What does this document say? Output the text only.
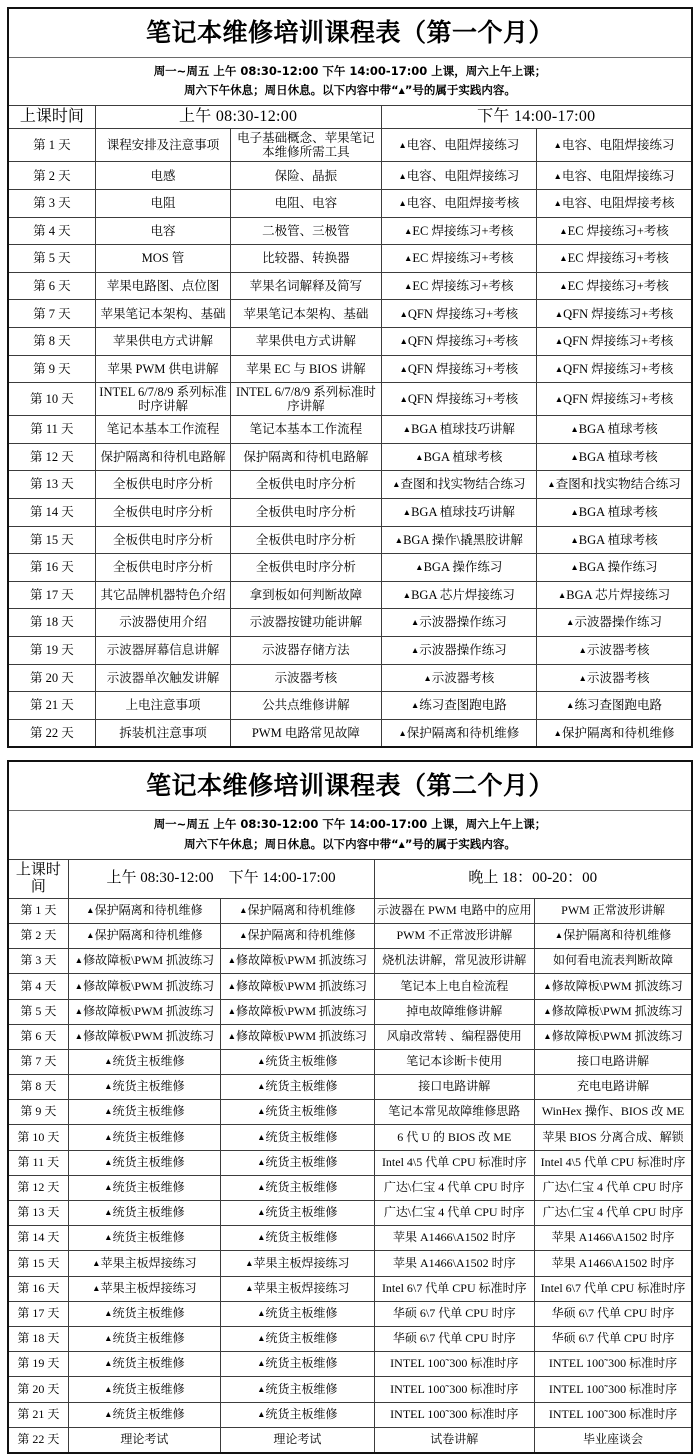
笔记本维修培训课程表（第一个月）				

周一~周五 上午 08:30-12:00 下午 14:00-17:00 上课，周六上午上课；
周六下午休息；周日休息。以下内容中带“▲”号的属于实践内容。				

上课时间	上午 08:30-12:00		下午 14:00-17:00	
第 1 天	课程安排及注意事项	电子基础概念、苹果笔记本维修所需工具	▲电容、电阻焊接练习	▲电容、电阻焊接练习
第 2 天	电感	保险、晶振	▲电容、电阻焊接练习	▲电容、电阻焊接练习
第 3 天	电阻	电阻、电容	▲电容、电阻焊接考核	▲电容、电阻焊接考核
第 4 天	电容	二极管、三极管	▲EC 焊接练习+考核	▲EC 焊接练习+考核
第 5 天	MOS 管	比较器、转换器	▲EC 焊接练习+考核	▲EC 焊接练习+考核
第 6 天	苹果电路图、点位图	苹果名词解释及简写	▲EC 焊接练习+考核	▲EC 焊接练习+考核
第 7 天	苹果笔记本架构、基础	苹果笔记本架构、基础	▲QFN 焊接练习+考核	▲QFN 焊接练习+考核
第 8 天	苹果供电方式讲解	苹果供电方式讲解	▲QFN 焊接练习+考核	▲QFN 焊接练习+考核
第 9 天	苹果 PWM 供电讲解	苹果 EC 与 BIOS 讲解	▲QFN 焊接练习+考核	▲QFN 焊接练习+考核
第 10 天	INTEL 6/7/8/9 系列标准时序讲解	INTEL 6/7/8/9 系列标准时序讲解	▲QFN 焊接练习+考核	▲QFN 焊接练习+考核
第 11 天	笔记本基本工作流程	笔记本基本工作流程	▲BGA 植球技巧讲解	▲BGA 植球考核
第 12 天	保护隔离和待机电路解	保护隔离和待机电路解	▲BGA 植球考核	▲BGA 植球考核
第 13 天	全板供电时序分析	全板供电时序分析	▲查图和找实物结合练习	▲查图和找实物结合练习
第 14 天	全板供电时序分析	全板供电时序分析	▲BGA 植球技巧讲解	▲BGA 植球考核
第 15 天	全板供电时序分析	全板供电时序分析	▲BGA 操作\撬黑胶讲解	▲BGA 植球考核
第 16 天	全板供电时序分析	全板供电时序分析	▲BGA 操作练习	▲BGA 操作练习
第 17 天	其它品牌机器特色介绍	拿到板如何判断故障	▲BGA 芯片焊接练习	▲BGA 芯片焊接练习
第 18 天	示波器使用介绍	示波器按键功能讲解	▲示波器操作练习	▲示波器操作练习
第 19 天	示波器屏幕信息讲解	示波器存储方法	▲示波器操作练习	▲示波器考核
第 20 天	示波器单次触发讲解	示波器考核	▲示波器考核	▲示波器考核
第 21 天	上电注意事项	公共点维修讲解	▲练习查图跑电路	▲练习查图跑电路
第 22 天	拆装机注意事项	PWM 电路常见故障	▲保护隔离和待机维修	▲保护隔离和待机维修
笔记本维修培训课程表（第二个月）				

周一~周五 上午 08:30-12:00 下午 14:00-17:00 上课，周六上午上课；
周六下午休息；周日休息。以下内容中带“▲”号的属于实践内容。				

上课时间	上午 08:30-12:00　下午 14:00-17:00		晚上 18：00-20：00	
第 1 天	▲保护隔离和待机维修	▲保护隔离和待机维修	示波器在 PWM 电路中的应用	PWM 正常波形讲解
第 2 天	▲保护隔离和待机维修	▲保护隔离和待机维修	PWM 不正常波形讲解	▲保护隔离和待机维修
第 3 天	▲修故障板\PWM 抓波练习	▲修故障板\PWM 抓波练习	烧机法讲解，常见波形讲解	如何看电流表判断故障
第 4 天	▲修故障板\PWM 抓波练习	▲修故障板\PWM 抓波练习	笔记本上电自检流程	▲修故障板\PWM 抓波练习
第 5 天	▲修故障板\PWM 抓波练习	▲修故障板\PWM 抓波练习	掉电故障维修讲解	▲修故障板\PWM 抓波练习
第 6 天	▲修故障板\PWM 抓波练习	▲修故障板\PWM 抓波练习	风扇改常转 、编程器使用	▲修故障板\PWM 抓波练习
第 7 天	▲统货主板维修	▲统货主板维修	笔记本诊断卡使用	接口电路讲解
第 8 天	▲统货主板维修	▲统货主板维修	接口电路讲解	充电电路讲解
第 9 天	▲统货主板维修	▲统货主板维修	笔记本常见故障维修思路	WinHex 操作、BIOS 改 ME
第 10 天	▲统货主板维修	▲统货主板维修	6 代 U 的 BIOS 改 ME	苹果 BIOS 分离合成、解锁
第 11 天	▲统货主板维修	▲统货主板维修	Intel 4\5 代单 CPU 标准时序	Intel 4\5 代单 CPU 标准时序
第 12 天	▲统货主板维修	▲统货主板维修	广达\仁宝 4 代单 CPU 时序	广达\仁宝 4 代单 CPU 时序
第 13 天	▲统货主板维修	▲统货主板维修	广达\仁宝 4 代单 CPU 时序	广达\仁宝 4 代单 CPU 时序
第 14 天	▲统货主板维修	▲统货主板维修	苹果 A1466\A1502 时序	苹果 A1466\A1502 时序
第 15 天	▲苹果主板焊接练习	▲苹果主板焊接练习	苹果 A1466\A1502 时序	苹果 A1466\A1502 时序
第 16 天	▲苹果主板焊接练习	▲苹果主板焊接练习	Intel 6\7 代单 CPU 标准时序	Intel 6\7 代单 CPU 标准时序
第 17 天	▲统货主板维修	▲统货主板维修	华硕 6\7 代单 CPU 时序	华硕 6\7 代单 CPU 时序
第 18 天	▲统货主板维修	▲统货主板维修	华硕 6\7 代单 CPU 时序	华硕 6\7 代单 CPU 时序
第 19 天	▲统货主板维修	▲统货主板维修	INTEL 100˜300 标准时序	INTEL 100˜300 标准时序
第 20 天	▲统货主板维修	▲统货主板维修	INTEL 100˜300 标准时序	INTEL 100˜300 标准时序
第 21 天	▲统货主板维修	▲统货主板维修	INTEL 100˜300 标准时序	INTEL 100˜300 标准时序
第 22 天	理论考试	理论考试	试卷讲解	毕业座谈会
